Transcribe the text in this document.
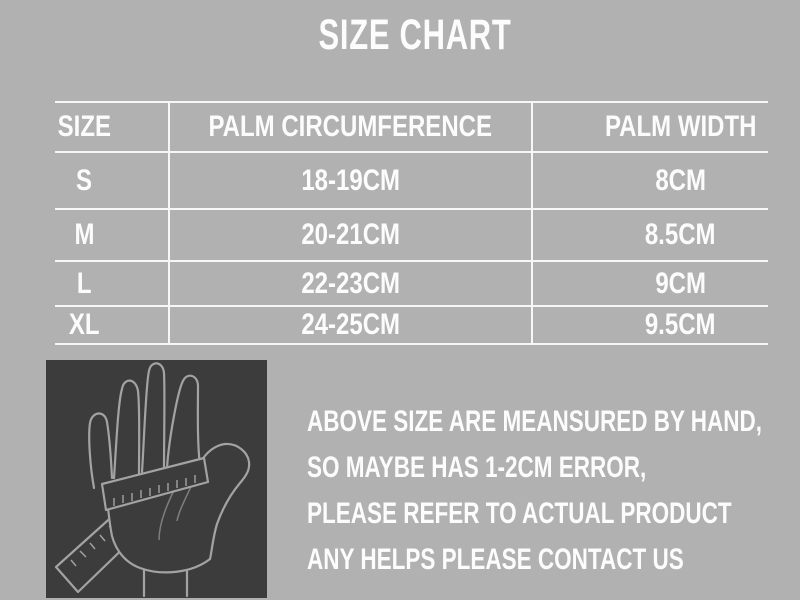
SIZE CHART
SIZE	PALM CIRCUMFERENCE	PALM WIDTH
S	18-19CM	8CM
M	20-21CM	8.5CM
L	22-23CM	9CM
XL	24-25CM	9.5CM
ABOVE SIZE ARE MEANSURED BY HAND,
SO MAYBE HAS 1-2CM ERROR,
PLEASE REFER TO ACTUAL PRODUCT
ANY HELPS PLEASE CONTACT US
